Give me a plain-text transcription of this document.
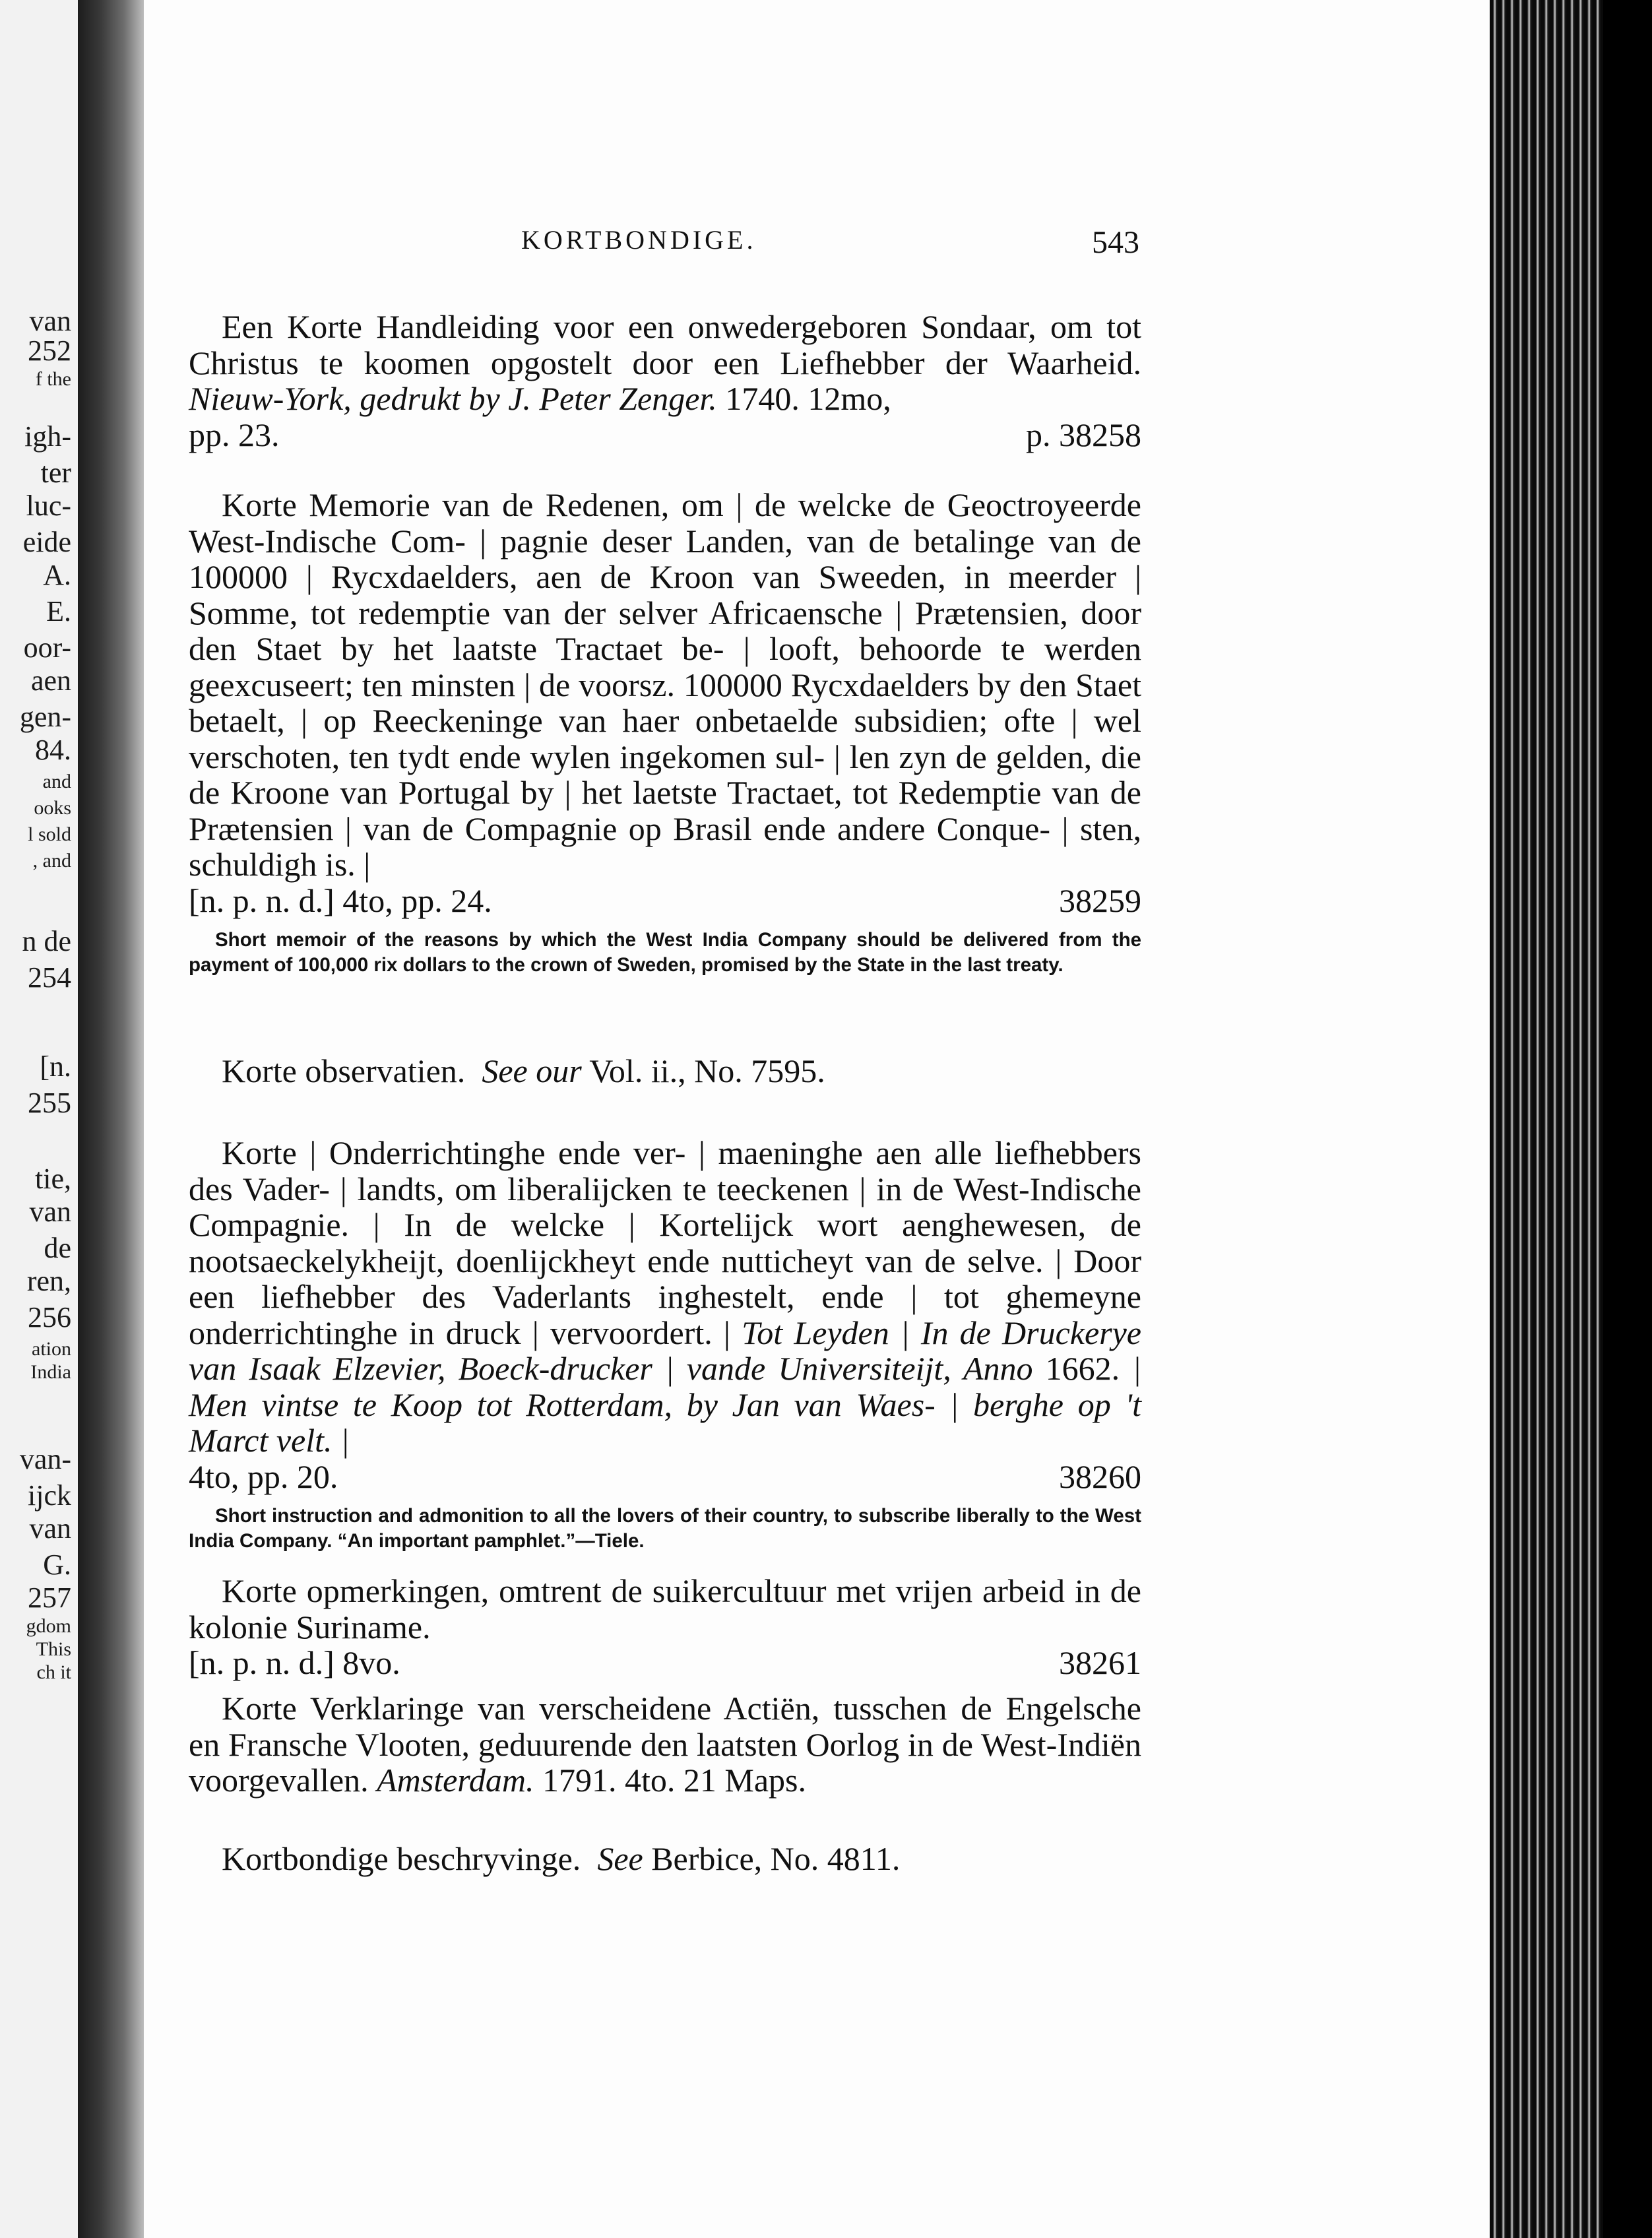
van
252
f the
igh-
ter
luc-
eide
A.
E.
oor-
aen
gen-
84.
and
ooks
l sold
, and
n de
254
[n.
255
tie,
van
de
ren,
256
ation
India
van-
ijck
van
G.
257
gdom
This
ch it
KORTBONDIGE.	543

Een Korte Handleiding voor een onwedergeboren Sondaar, om tot Christus te koomen opgostelt door een Liefhebber der Waarheid. Nieuw-York, gedrukt by J. Peter Zenger. 1740. 12mo,

pp. 23.	p. 38258

Korte Memorie van de Redenen, om | de welcke de Geoctroyeerde West-Indische Com- | pagnie deser Landen, van de betalinge van de 100000 | Rycxdaelders, aen de Kroon van Sweeden, in meerder | Somme, tot redemptie van der selver Africaensche | Prætensien, door den Staet by het laatste Tractaet be- | looft, behoorde te werden geexcuseert; ten minsten | de voorsz. 100000 Rycxdaelders by den Staet betaelt, | op Reeckeninge van haer onbetaelde subsidien; ofte | wel verschoten, ten tydt ende wylen ingekomen sul- | len zyn de gelden, die de Kroone van Portugal by | het laetste Tractaet, tot Redemptie van de Prætensien | van de Compagnie op Brasil ende andere Conque- | sten, schuldigh is. |

[n. p. n. d.] 4to, pp. 24.	38259

Short memoir of the reasons by which the West India Company should be delivered from the payment of 100,000 rix dollars to the crown of Sweden, promised by the State in the last treaty.

Korte observatien. See our Vol. ii., No. 7595.

Korte | Onderrichtinghe ende ver- | maeninghe aen alle liefhebbers des Vader- | landts, om liberalijcken te teeckenen | in de West-Indische Compagnie. | In de welcke | Kortelijck wort aenghewesen, de nootsaeckelykheijt, doenlijckheyt ende nutticheyt van de selve. | Door een liefhebber des Vaderlants inghestelt, ende | tot ghemeyne onderrichtinghe in druck | vervoordert. | Tot Leyden | In de Druckerye van Isaak Elzevier, Boeck-drucker | vande Universiteijt, Anno 1662. | Men vintse te Koop tot Rotterdam, by Jan van Waes- | berghe op 't Marct velt. |

4to, pp. 20.	38260

Short instruction and admonition to all the lovers of their country, to subscribe liberally to the West India Company. “An important pamphlet.”—Tiele.

Korte opmerkingen, omtrent de suikercultuur met vrijen arbeid in de kolonie Suriname.

[n. p. n. d.] 8vo.	38261

Korte Verklaringe van verscheidene Actiën, tusschen de Engelsche en Fransche Vlooten, geduurende den laatsten Oorlog in de West-Indiën voorgevallen. Amsterdam. 1791. 4to. 21 Maps.

Kortbondige beschryvinge. See Berbice, No. 4811.
